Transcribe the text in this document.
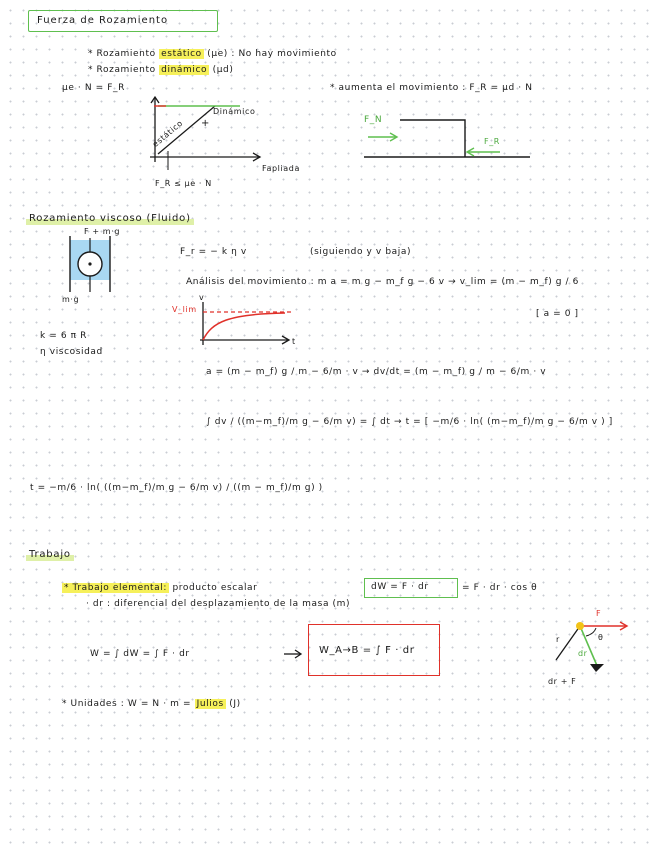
Fuerza de Rozamiento
* Rozamiento estático (μe) : No hay movimiento
* Rozamiento dinámico (μd)
μe · N = F_R	* aumenta el movimiento : F_R = μd · N
+
Dinámico
estático
Fapliada
F_R ≤ μe · N
F_N
F_R
Rozamiento viscoso (Fluido)
F + m·g
m·g
F_r = − k η v	(siguiendo y v baja)
Análisis del movimiento : m a = m g − m_f g − 6 v → v_lim = (m − m_f) g / 6
[ a = 0 ]
V_lim
v
t
k = 6 π R
η viscosidad
a = (m − m_f) g / m − 6/m · v → dv/dt = (m − m_f) g / m − 6/m · v
∫ dv / ((m−m_f)/m g − 6/m v) = ∫ dt → t = [ −m/6 · ln( (m−m_f)/m g − 6/m v ) ]
t = −m/6 · ln( ((m−m_f)/m g − 6/m v) / ((m − m_f)/m g) )
Trabajo
* Trabajo elemental: producto escalar	dW = F · dr	= F · dr · cos θ
· dr : diferencial del desplazamiento de la masa (m)
W = ∫ dW = ∫ F · dr	W_A→B = ∫ F · dr
F
r
dr
θ
dr + F
* Unidades : W = N · m = Julios (J)
